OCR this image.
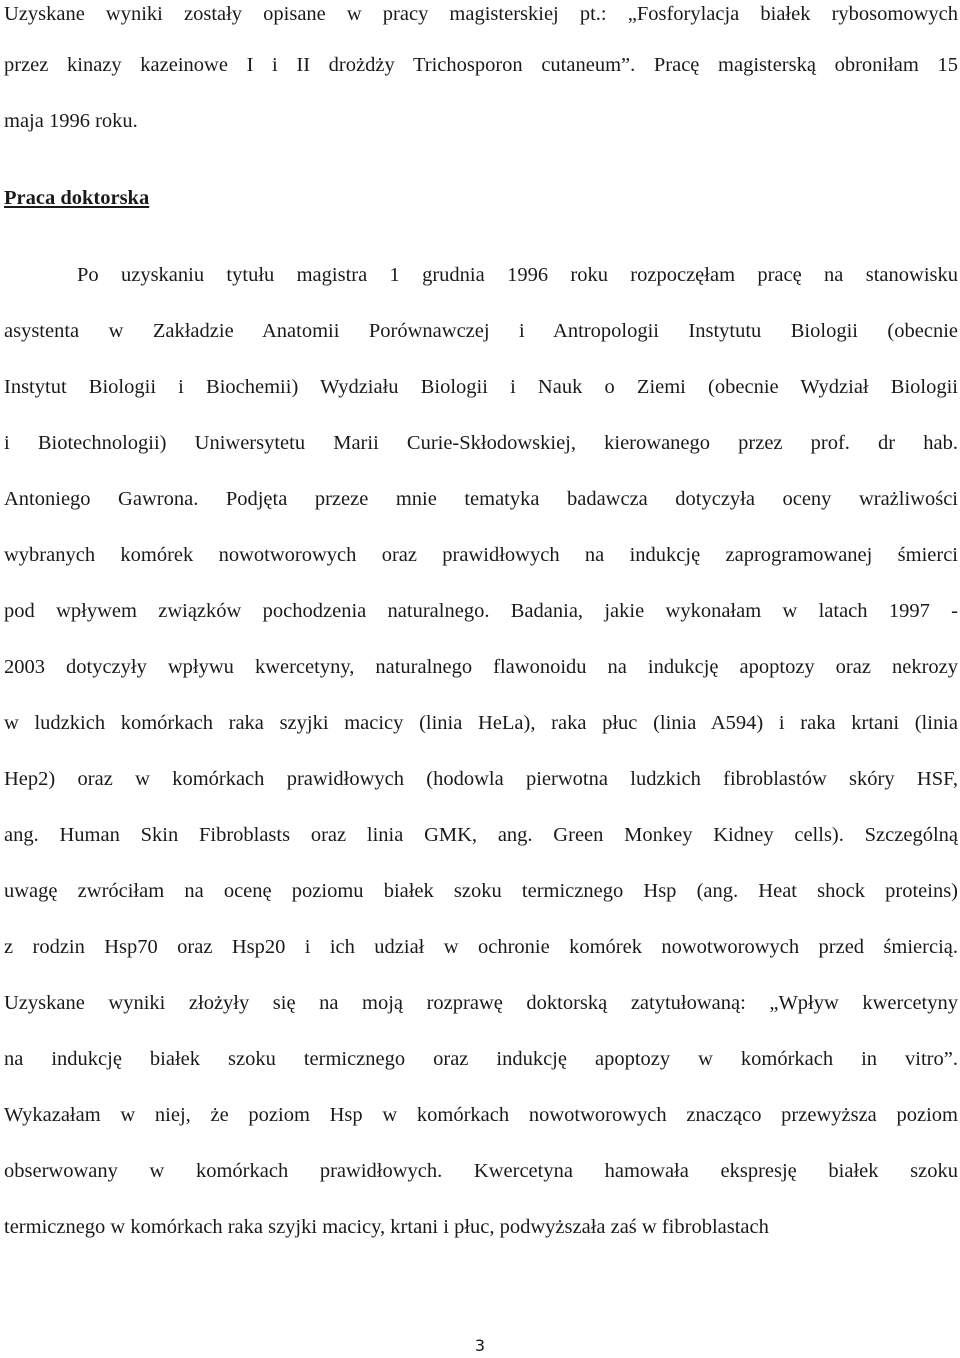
Uzyskane wyniki zostały opisane w pracy magisterskiej pt.: „Fosforylacja białek rybosomowych
przez kinazy kazeinowe I i II drożdży Trichosporon cutaneum”. Pracę magisterską obroniłam 15
maja 1996 roku.
Praca doktorska
Po uzyskaniu tytułu magistra 1 grudnia 1996 roku rozpoczęłam pracę na stanowisku
asystenta w Zakładzie Anatomii Porównawczej i Antropologii Instytutu Biologii (obecnie
Instytut Biologii i Biochemii) Wydziału Biologii i Nauk o Ziemi (obecnie Wydział Biologii
i Biotechnologii) Uniwersytetu Marii Curie-Skłodowskiej, kierowanego przez prof. dr hab.
Antoniego Gawrona. Podjęta przeze mnie tematyka badawcza dotyczyła oceny wrażliwości
wybranych komórek nowotworowych oraz prawidłowych na indukcję zaprogramowanej śmierci
pod wpływem związków pochodzenia naturalnego. Badania, jakie wykonałam w latach 1997 -
2003 dotyczyły wpływu kwercetyny, naturalnego flawonoidu na indukcję apoptozy oraz nekrozy
w ludzkich komórkach raka szyjki macicy (linia HeLa), raka płuc (linia A594) i raka krtani (linia
Hep2) oraz w komórkach prawidłowych (hodowla pierwotna ludzkich fibroblastów skóry HSF,
ang. Human Skin Fibroblasts oraz linia GMK, ang. Green Monkey Kidney cells). Szczególną
uwagę zwróciłam na ocenę poziomu białek szoku termicznego Hsp (ang. Heat shock proteins)
z rodzin Hsp70 oraz Hsp20 i ich udział w ochronie komórek nowotworowych przed śmiercią.
Uzyskane wyniki złożyły się na moją rozprawę doktorską zatytułowaną: „Wpływ kwercetyny
na indukcję białek szoku termicznego oraz indukcję apoptozy w komórkach in vitro”.
Wykazałam w niej, że poziom Hsp w komórkach nowotworowych znacząco przewyższa poziom
obserwowany w komórkach prawidłowych. Kwercetyna hamowała ekspresję białek szoku
termicznego w komórkach raka szyjki macicy, krtani i płuc, podwyższała zaś w fibroblastach
3
